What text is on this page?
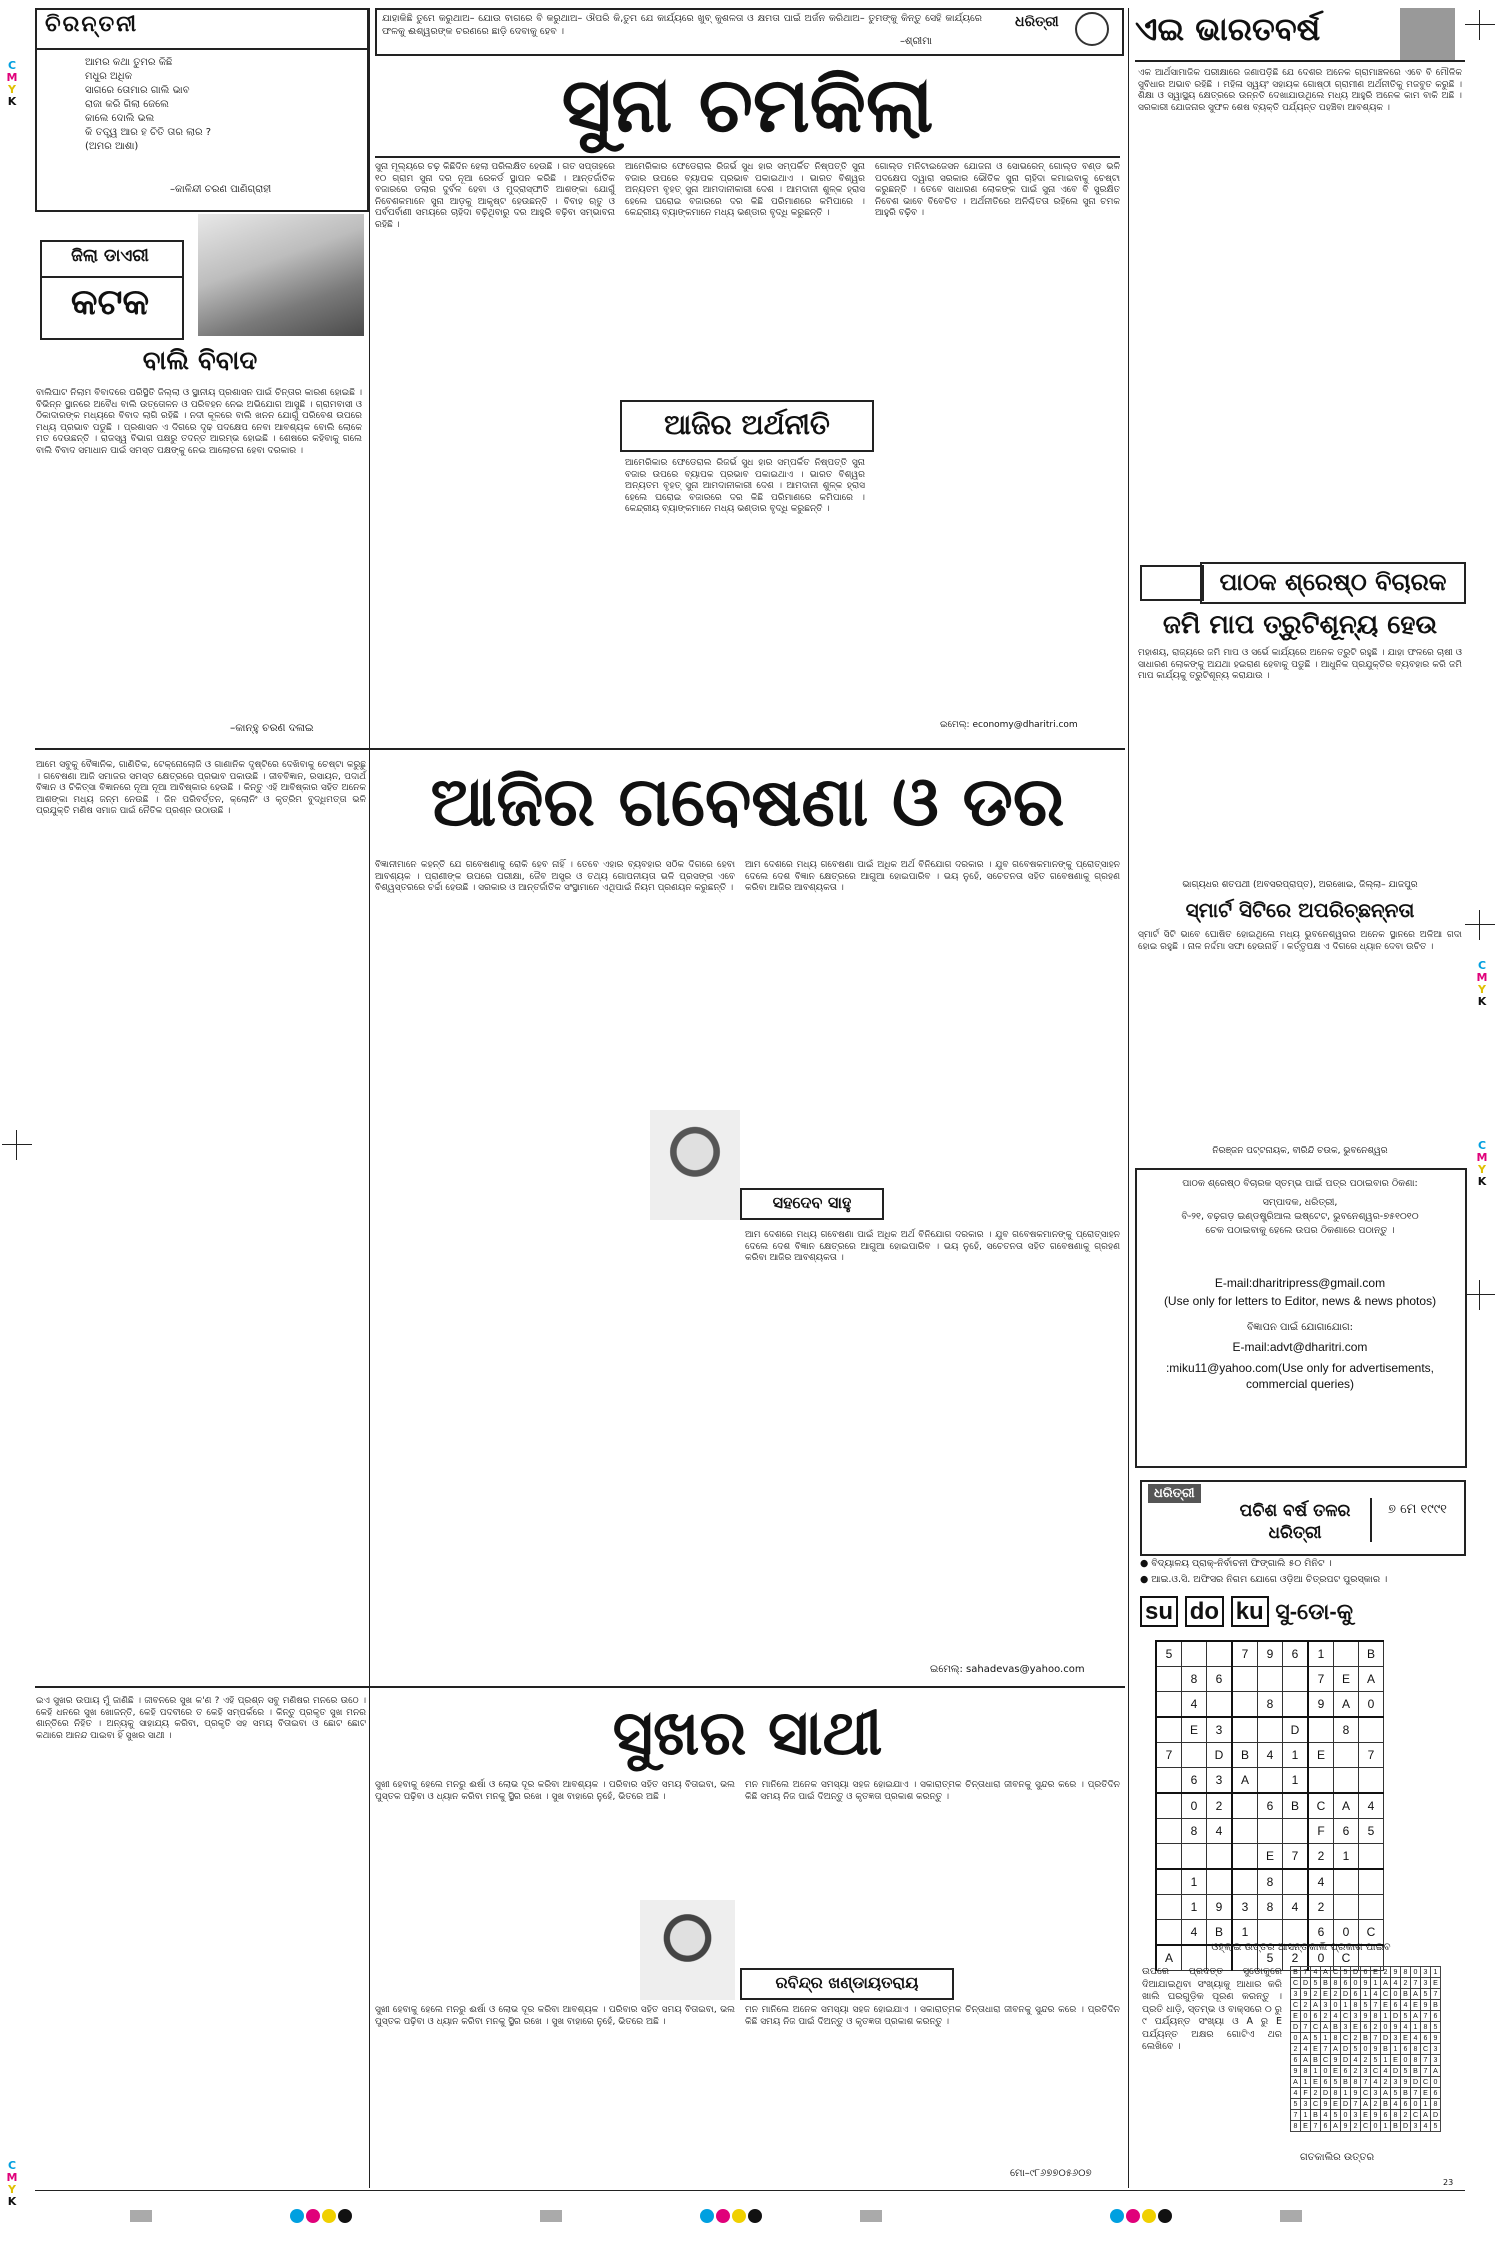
C
M
Y
K
C
M
Y
K
C
M
Y
K
C
M
Y
K
ଯାହାକିଛି ତୁମେ କରୁଥାଅ– ଯୋଉ ବାଗରେ ବି କରୁଥାଅ– ଔପରି କି,ତୁମ ଯେ କାର୍ଯ୍ୟରେ ଖୁବ୍ କୁଶଳତା ଓ କ୍ଷମତା ପାଇଁ ଅର୍ଜନ କରିଥାଅ– ତୁମଙ୍କୁ କିନ୍ତୁ ସେହି କାର୍ଯ୍ୟରେ ଫଳକୁ ଈଶ୍ୱରଙ୍କ ଚରଣରେ ଛାଡ଼ି ଦେବାକୁ ହେବ ।
–ଶ୍ରୀମା
ଧରିତ୍ରୀ
ଚିରନ୍ତନୀ
ଆମର କଥା ତୁମର କିଛି
ମଧୁର ଅଧିକ
ସାଗରେ ତୋମାର ଗାଲି ଭାବ
ରାଜା କରି ଗିଲା ଜେଲେ
କାଲେ ଦୋଲି ଭଲ
କି ତତ୍ତ୍ୱ ଆର ହ ଚିତି ତାର ଲାର ?
(ଅମର ଆଶା)
–କାଳିନ୍ଦୀ ଚରଣ ପାଣିଗ୍ରାହୀ
ଜିଲା ଡାଏରୀ
କଟକ
ବାଲି ବିବାଦ
ବାଲିଘାଟ ନିଲାମ ବିବାଦରେ ପରିସ୍ଥିତି ଜିଲ୍ଲା ଓ ସ୍ଥାନୀୟ ପ୍ରଶାସନ ପାଇଁ ଚିନ୍ତାର କାରଣ ହୋଇଛି । ବିଭିନ୍ନ ସ୍ଥାନରେ ଅବୈଧ ବାଲି ଉତ୍ତୋଳନ ଓ ପରିବହନ ନେଇ ଅଭିଯୋଗ ଆସୁଛି । ଗ୍ରାମବାସୀ ଓ ଠିକାଦାରଙ୍କ ମଧ୍ୟରେ ବିବାଦ ଲାଗି ରହିଛି । ନଦୀ କୂଳରେ ବାଲି ଖନନ ଯୋଗୁଁ ପରିବେଶ ଉପରେ ମଧ୍ୟ ପ୍ରଭାବ ପଡୁଛି । ପ୍ରଶାସନ ଏ ଦିଗରେ ଦୃଢ ପଦକ୍ଷେପ ନେବା ଆବଶ୍ୟକ ବୋଲି ଲୋକେ ମତ ଦେଉଛନ୍ତି । ରାଜସ୍ୱ ବିଭାଗ ପକ୍ଷରୁ ତଦନ୍ତ ଆରମ୍ଭ ହୋଇଛି । ଶେଷରେ କହିବାକୁ ଗଲେ ବାଲି ବିବାଦ ସମାଧାନ ପାଇଁ ସମସ୍ତ ପକ୍ଷଙ୍କୁ ନେଇ ଆଲୋଚନା ହେବା ଦରକାର ।
–କାନ୍ହୁ ଚରଣ ଦଳାଇ
ସୁନା ଚମକିଲା
ସୁନା ମୂଲ୍ୟରେ ଚଢ଼ କିଛିଦିନ ହେଲା ପରିଲକ୍ଷିତ ହେଉଛି । ଗତ ସପ୍ତାହରେ ୧୦ ଗ୍ରାମ ସୁନା ଦର ନୂଆ ରେକର୍ଡ ସ୍ଥାପନ କରିଛି । ଆନ୍ତର୍ଜାତିକ ବଜାରରେ ଡଲାର ଦୁର୍ବଳ ହେବା ଓ ମୁଦ୍ରାସ୍ଫୀତି ଆଶଙ୍କା ଯୋଗୁଁ ନିବେଶକମାନେ ସୁନା ଆଡ଼କୁ ଆକୃଷ୍ଟ ହେଉଛନ୍ତି । ବିବାହ ଋତୁ ଓ ପର୍ବପର୍ବାଣୀ ସମୟରେ ଚାହିଦା ବଢ଼ିଥିବାରୁ ଦର ଆହୁରି ବଢ଼ିବା ସମ୍ଭାବନା ରହିଛି ।
ଆମେରିକାର ଫେଡେରାଲ ରିଜର୍ଭ ସୁଧ ହାର ସମ୍ପର୍କିତ ନିଷ୍ପତ୍ତି ସୁନା ବଜାର ଉପରେ ବ୍ୟାପକ ପ୍ରଭାବ ପକାଇଥାଏ । ଭାରତ ବିଶ୍ୱର ଅନ୍ୟତମ ବୃହତ୍ ସୁନା ଆମଦାନୀକାରୀ ଦେଶ । ଆମଦାନୀ ଶୁଳ୍କ ହ୍ରାସ ହେଲେ ଘରୋଇ ବଜାରରେ ଦର କିଛି ପରିମାଣରେ କମିପାରେ । କେନ୍ଦ୍ରୀୟ ବ୍ୟାଙ୍କମାନେ ମଧ୍ୟ ଭଣ୍ଡାର ବୃଦ୍ଧି କରୁଛନ୍ତି ।
ଆଜିର ଅର୍ଥନୀତି
ଆମେରିକାର ଫେଡେରାଲ ରିଜର୍ଭ ସୁଧ ହାର ସମ୍ପର୍କିତ ନିଷ୍ପତ୍ତି ସୁନା ବଜାର ଉପରେ ବ୍ୟାପକ ପ୍ରଭାବ ପକାଇଥାଏ । ଭାରତ ବିଶ୍ୱର ଅନ୍ୟତମ ବୃହତ୍ ସୁନା ଆମଦାନୀକାରୀ ଦେଶ । ଆମଦାନୀ ଶୁଳ୍କ ହ୍ରାସ ହେଲେ ଘରୋଇ ବଜାରରେ ଦର କିଛି ପରିମାଣରେ କମିପାରେ । କେନ୍ଦ୍ରୀୟ ବ୍ୟାଙ୍କମାନେ ମଧ୍ୟ ଭଣ୍ଡାର ବୃଦ୍ଧି କରୁଛନ୍ତି ।
ଗୋଲ୍ଡ ମନିଟାଇଜେସନ ଯୋଜନା ଓ ସୋଭରେନ୍ ଗୋଲ୍ଡ ବଣ୍ଡ ଭଳି ପଦକ୍ଷେପ ଦ୍ୱାରା ସରକାର ଭୌତିକ ସୁନା ଚାହିଦା କମାଇବାକୁ ଚେଷ୍ଟା କରୁଛନ୍ତି । ତେବେ ସାଧାରଣ ଲୋକଙ୍କ ପାଇଁ ସୁନା ଏବେ ବି ସୁରକ୍ଷିତ ନିବେଶ ଭାବେ ବିବେଚିତ । ଅର୍ଥନୀତିରେ ଅନିଶ୍ଚିତତା ରହିଲେ ସୁନା ଚମକ ଆହୁରି ବଢ଼ିବ ।
ଇମେଲ୍: economy@dharitri.com
ଏଇ ଭାରତବର୍ଷ
ଏକ ଆର୍ଥସାମାଜିକ ପରୀକ୍ଷାରେ ଜଣାପଡ଼ିଛି ଯେ ଦେଶର ଅନେକ ଗ୍ରାମାଞ୍ଚଳରେ ଏବେ ବି ମୌଳିକ ସୁବିଧାର ଅଭାବ ରହିଛି । ମହିଳା ସ୍ୱୟଂ ସହାୟକ ଗୋଷ୍ଠୀ ଗ୍ରାମୀଣ ଅର୍ଥନୀତିକୁ ମଜବୁତ କରୁଛି । ଶିକ୍ଷା ଓ ସ୍ୱାସ୍ଥ୍ୟ କ୍ଷେତ୍ରରେ ଉନ୍ନତି ଦେଖାଯାଉଥିଲେ ମଧ୍ୟ ଆହୁରି ଅନେକ କାମ ବାକି ଅଛି । ସରକାରୀ ଯୋଜନାର ସୁଫଳ ଶେଷ ବ୍ୟକ୍ତି ପର୍ଯ୍ୟନ୍ତ ପହଞ୍ଚିବା ଆବଶ୍ୟକ ।
ପାଠକ ଶ୍ରେଷ୍ଠ ବିଚାରକ
ଜମି ମାପ ତ୍ରୁଟିଶୂନ୍ୟ ହେଉ
ମହାଶୟ, ରାଜ୍ୟରେ ଜମି ମାପ ଓ ସର୍ଭେ କାର୍ଯ୍ୟରେ ଅନେକ ତ୍ରୁଟି ରହୁଛି । ଯାହା ଫଳରେ ଚାଷୀ ଓ ସାଧାରଣ ଲୋକଙ୍କୁ ଅଯଥା ହଇରାଣ ହେବାକୁ ପଡୁଛି । ଆଧୁନିକ ପ୍ରଯୁକ୍ତିର ବ୍ୟବହାର କରି ଜମି ମାପ କାର୍ଯ୍ୟକୁ ତ୍ରୁଟିଶୂନ୍ୟ କରାଯାଉ ।
ଭାଗ୍ୟଧର ଶତପଥୀ (ଅବସରପ୍ରାପ୍ତ), ଅରଖୋଇ, ଜିଲ୍ଲା– ଯାଜପୁର
ସ୍ମାର୍ଟ ସିଟିରେ ଅପରିଚ୍ଛନ୍ନତା
ସ୍ମାର୍ଟ ସିଟି ଭାବେ ଘୋଷିତ ହୋଇଥିଲେ ମଧ୍ୟ ଭୁବନେଶ୍ୱରର ଅନେକ ସ୍ଥାନରେ ଅଳିଆ ଗଦା ହୋଇ ରହୁଛି । ନାଳ ନର୍ଦ୍ଦମା ସଫା ହେଉନାହିଁ । କର୍ତ୍ତୃପକ୍ଷ ଏ ଦିଗରେ ଧ୍ୟାନ ଦେବା ଉଚିତ ।
ନିରଞ୍ଜନ ପଟ୍ଟନାୟକ, ବୀରିନ୍ଦି ଚଉକ, ଭୁବନେଶ୍ୱର
ପାଠକ ଶ୍ରେଷ୍ଠ ବିଚାରକ ସ୍ତମ୍ଭ ପାଇଁ ପତ୍ର ପଠାଇବାର ଠିକଣା:
ସମ୍ପାଦକ, ଧରିତ୍ରୀ,
ବି-୨୧, ବଢ଼ଗଡ଼ ଇଣ୍ଡଷ୍ଟ୍ରିଆଲ ଇଷ୍ଟେଟ, ଭୁବନେଶ୍ୱର-୭୫୧୦୧୦
ଚେକ ପଠାଇବାକୁ ହେଲେ ଉପର ଠିକଣାରେ ପଠାନ୍ତୁ ।
E-mail:dharitripress@gmail.com
(Use only for letters to Editor, news & news photos)
ବିଜ୍ଞାପନ ପାଇଁ ଯୋଗାଯୋଗ:
E-mail:advt@dharitri.com
:miku11@yahoo.com(Use only for advertisements, commercial queries)
ଧରିତ୍ରୀ
ପଚିଶ ବର୍ଷ ତଳର ଧରିତ୍ରୀ
୭ ମେ ୧୯୯୧
● ବିଦ୍ୟାଳୟ ପ୍ରାକ୍-ନିର୍ବାଚନୀ ଫିଙ୍ଗାଲି ୫୦ ମିନିଟ ।
● ଆଇ.ଓ.ସି. ଅଫିସର ନିଗମ ଯୋଗେ ଓଡ଼ିଆ ଚିତ୍ରପଟ ପୁରସ୍କାର ।
su do ku ସୁ-ଡୋ-କୁ
5			7	9	6	1		B
	8	6				7	E	A
	4			8		9	A	0
	E	3			D		8	
7		D	B	4	1	E		7
	6	3	A		1			
	0	2		6	B	C	A	4
	8	4				F	6	5
				E	7	2	1	
	1			8		4		
	1	9	3	8	4	2		
	4	B	1			6	0	C
A				5	2	0	C	
ଓହ୍ଲାଇ ଉତ୍ତର ଆସନ୍ତାକାଲି ପ୍ରକାଶ ପାଇବ
ଉପରେ ପ୍ରଦତ୍ତ ସୁଡୋକୁରେ ଦିଆଯାଇଥିବା ସଂଖ୍ୟାକୁ ଆଧାର କରି ଖାଲି ଘରଗୁଡ଼ିକ ପୂରଣ କରନ୍ତୁ । ପ୍ରତି ଧାଡ଼ି, ସ୍ତମ୍ଭ ଓ ବାକ୍ସରେ ୦ ରୁ ୯ ପର୍ଯ୍ୟନ୍ତ ସଂଖ୍ୟା ଓ A ରୁ E ପର୍ଯ୍ୟନ୍ତ ଅକ୍ଷର ଗୋଟିଏ ଥର ଲେଖିବେ ।
B	7	4	A	C	5	D	6	E	2	9	8	0	3	1
C	D	5	B	8	6	0	9	1	A	4	2	7	3	E
3	9	2	E	2	D	6	1	4	C	0	B	A	5	7
C	2	A	3	0	1	8	5	7	E	6	4	E	9	B
E	0	6	2	4	C	3	9	8	1	D	5	A	7	6
D	7	C	A	B	3	E	6	2	0	9	4	1	8	5
0	A	5	1	8	C	2	B	7	D	3	E	4	6	9
2	4	E	7	A	D	5	0	9	B	1	6	8	C	3
6	A	B	C	9	D	4	2	5	1	E	0	8	7	3
9	8	1	0	E	6	2	3	C	4	D	5	B	7	A
A	1	E	6	5	B	8	7	4	2	3	9	D	C	0
4	F	2	D	8	1	9	C	3	A	5	B	7	E	6
5	3	C	9	E	D	7	A	2	B	4	6	0	1	8
7	1	B	4	5	0	3	E	9	6	8	2	C	A	D
8	E	7	6	A	9	2	C	0	1	B	D	3	4	5
ଗତକାଲିର ଉତ୍ତର
ଆଜିର ଗବେଷଣା ଓ ଡର
ଆମେ ସବୁକୁ ବୈଜ୍ଞାନିକ, ଗାଣିତିକ, ଟେକ୍ନୋଲୋଜି ଓ ଗାଣାନିକ ଦୃଷ୍ଟିରେ ଦେଖିବାକୁ ଚେଷ୍ଟା କରୁଛୁ । ଗବେଷଣା ଆଜି ସମାଜର ସମସ୍ତ କ୍ଷେତ୍ରରେ ପ୍ରଭାବ ପକାଉଛି । ଜୀବବିଜ୍ଞାନ, ରସାୟନ, ପଦାର୍ଥ ବିଜ୍ଞାନ ଓ ଚିକିତ୍ସା ବିଜ୍ଞାନରେ ନୂଆ ନୂଆ ଆବିଷ୍କାର ହେଉଛି । କିନ୍ତୁ ଏହି ଆବିଷ୍କାର ସହିତ ଅନେକ ଆଶଙ୍କା ମଧ୍ୟ ଜନ୍ମ ନେଉଛି । ଜିନ ପରିବର୍ତ୍ତନ, କ୍ଲୋନିଂ ଓ କୃତ୍ରିମ ବୁଦ୍ଧିମତ୍ତା ଭଳି ପ୍ରଯୁକ୍ତି ମଣିଷ ସମାଜ ପାଇଁ ନୈତିକ ପ୍ରଶ୍ନ ଉଠାଉଛି ।
ବିଜ୍ଞାନୀମାନେ କହନ୍ତି ଯେ ଗବେଷଣାକୁ ରୋକି ହେବ ନାହିଁ । ତେବେ ଏହାର ବ୍ୟବହାର ସଠିକ ଦିଗରେ ହେବା ଆବଶ୍ୟକ । ପ୍ରାଣୀଙ୍କ ଉପରେ ପରୀକ୍ଷା, ଜୈବ ଅସ୍ତ୍ର ଓ ତଥ୍ୟ ଗୋପନୀୟତା ଭଳି ପ୍ରସଙ୍ଗ ଏବେ ବିଶ୍ୱସ୍ତରରେ ଚର୍ଚ୍ଚା ହେଉଛି । ସରକାର ଓ ଆନ୍ତର୍ଜାତିକ ସଂସ୍ଥାମାନେ ଏଥିପାଇଁ ନିୟମ ପ୍ରଣୟନ କରୁଛନ୍ତି ।
ଆମ ଦେଶରେ ମଧ୍ୟ ଗବେଷଣା ପାଇଁ ଅଧିକ ଅର୍ଥ ବିନିଯୋଗ ଦରକାର । ଯୁବ ଗବେଷକମାନଙ୍କୁ ପ୍ରୋତ୍ସାହନ ଦେଲେ ଦେଶ ବିଜ୍ଞାନ କ୍ଷେତ୍ରରେ ଆଗୁଆ ହୋଇପାରିବ । ଭୟ ନୁହେଁ, ସଚେତନତା ସହିତ ଗବେଷଣାକୁ ଗ୍ରହଣ କରିବା ଆଜିର ଆବଶ୍ୟକତା ।
ସହଦେବ ସାହୁ
ଆମ ଦେଶରେ ମଧ୍ୟ ଗବେଷଣା ପାଇଁ ଅଧିକ ଅର୍ଥ ବିନିଯୋଗ ଦରକାର । ଯୁବ ଗବେଷକମାନଙ୍କୁ ପ୍ରୋତ୍ସାହନ ଦେଲେ ଦେଶ ବିଜ୍ଞାନ କ୍ଷେତ୍ରରେ ଆଗୁଆ ହୋଇପାରିବ । ଭୟ ନୁହେଁ, ସଚେତନତା ସହିତ ଗବେଷଣାକୁ ଗ୍ରହଣ କରିବା ଆଜିର ଆବଶ୍ୟକତା ।
ଇମେଲ୍: sahadevas@yahoo.com
ସୁଖର ସାଥୀ
ଇଏ ସୁଖର ଉପାୟ ମୁଁ ଜାଣିଛି । ଜୀବନରେ ସୁଖ କ'ଣ ? ଏହି ପ୍ରଶ୍ନ ସବୁ ମଣିଷର ମନରେ ଉଠେ । କେହି ଧନରେ ସୁଖ ଖୋଜନ୍ତି, କେହି ପଦବୀରେ ତ କେହି ସମ୍ପର୍କରେ । କିନ୍ତୁ ପ୍ରକୃତ ସୁଖ ମନର ଶାନ୍ତିରେ ନିହିତ । ଅନ୍ୟକୁ ସାହାଯ୍ୟ କରିବା, ପ୍ରକୃତି ସହ ସମୟ ବିତାଇବା ଓ ଛୋଟ ଛୋଟ କଥାରେ ଆନନ୍ଦ ପାଇବା ହିଁ ସୁଖର ସାଥୀ ।
ସୁଖୀ ହେବାକୁ ହେଲେ ମନରୁ ଈର୍ଷା ଓ ଲୋଭ ଦୂର କରିବା ଆବଶ୍ୟକ । ପରିବାର ସହିତ ସମୟ ବିତାଇବା, ଭଲ ପୁସ୍ତକ ପଢ଼ିବା ଓ ଧ୍ୟାନ କରିବା ମନକୁ ସ୍ଥିର ରଖେ । ସୁଖ ବାହାରେ ନୁହେଁ, ଭିତରେ ଅଛି ।
ରବିନ୍ଦ୍ର ଖଣ୍ଡାୟତରାୟ
ସୁଖୀ ହେବାକୁ ହେଲେ ମନରୁ ଈର୍ଷା ଓ ଲୋଭ ଦୂର କରିବା ଆବଶ୍ୟକ । ପରିବାର ସହିତ ସମୟ ବିତାଇବା, ଭଲ ପୁସ୍ତକ ପଢ଼ିବା ଓ ଧ୍ୟାନ କରିବା ମନକୁ ସ୍ଥିର ରଖେ । ସୁଖ ବାହାରେ ନୁହେଁ, ଭିତରେ ଅଛି ।
ମନ ମାନିଲେ ଅନେକ ସମସ୍ୟା ସହଜ ହୋଇଯାଏ । ସକାରାତ୍ମକ ଚିନ୍ତାଧାରା ଜୀବନକୁ ସୁନ୍ଦର କରେ । ପ୍ରତିଦିନ କିଛି ସମୟ ନିଜ ପାଇଁ ଦିଅନ୍ତୁ ଓ କୃତଜ୍ଞତା ପ୍ରକାଶ କରନ୍ତୁ ।
ମନ ମାନିଲେ ଅନେକ ସମସ୍ୟା ସହଜ ହୋଇଯାଏ । ସକାରାତ୍ମକ ଚିନ୍ତାଧାରା ଜୀବନକୁ ସୁନ୍ଦର କରେ । ପ୍ରତିଦିନ କିଛି ସମୟ ନିଜ ପାଇଁ ଦିଅନ୍ତୁ ଓ କୃତଜ୍ଞତା ପ୍ରକାଶ କରନ୍ତୁ ।
ମୋ–୯୮୬୭୭୦୫୬୦୭
23
